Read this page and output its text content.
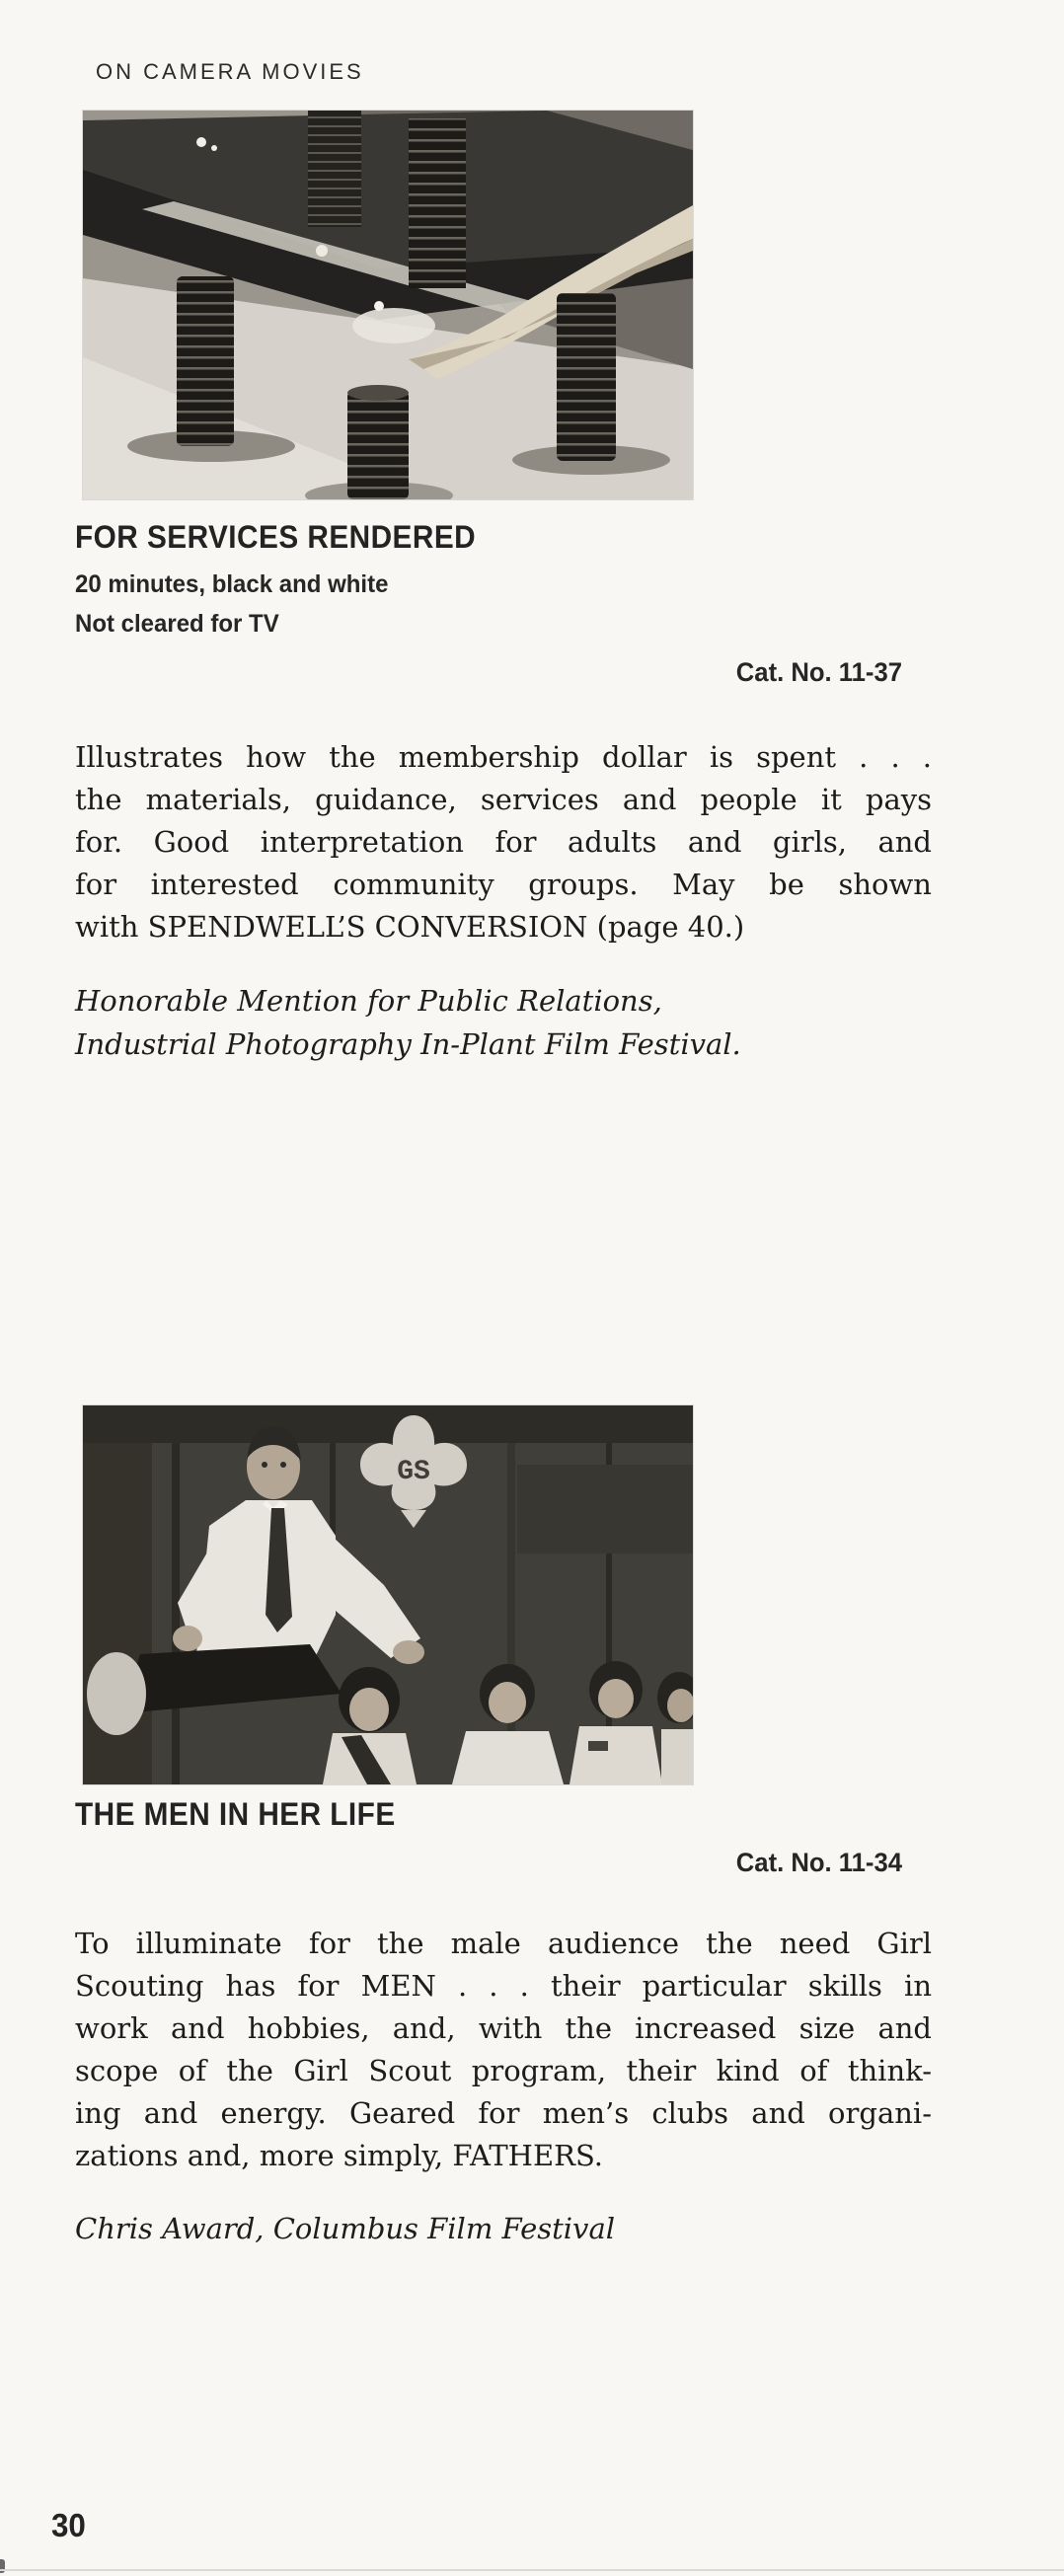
ON CAMERA MOVIES
FOR SERVICES RENDERED
20 minutes, black and white
Not cleared for TV
Cat. No. 11-37
Illustrates how the membership dollar is spent . . .
the materials, guidance, services and people it pays
for. Good interpretation for adults and girls, and
for interested community groups. May be shown
with SPENDWELL’S CONVERSION (page 40.)
Honorable Mention for Public Relations,
Industrial Photography In-Plant Film Festival.
GS
THE MEN IN HER LIFE
Cat. No. 11-34
To illuminate for the male audience the need Girl
Scouting has for MEN . . . their particular skills in
work and hobbies, and, with the increased size and
scope of the Girl Scout program, their kind of think-
ing and energy. Geared for men’s clubs and organi-
zations and, more simply, FATHERS.
Chris Award, Columbus Film Festival
30
